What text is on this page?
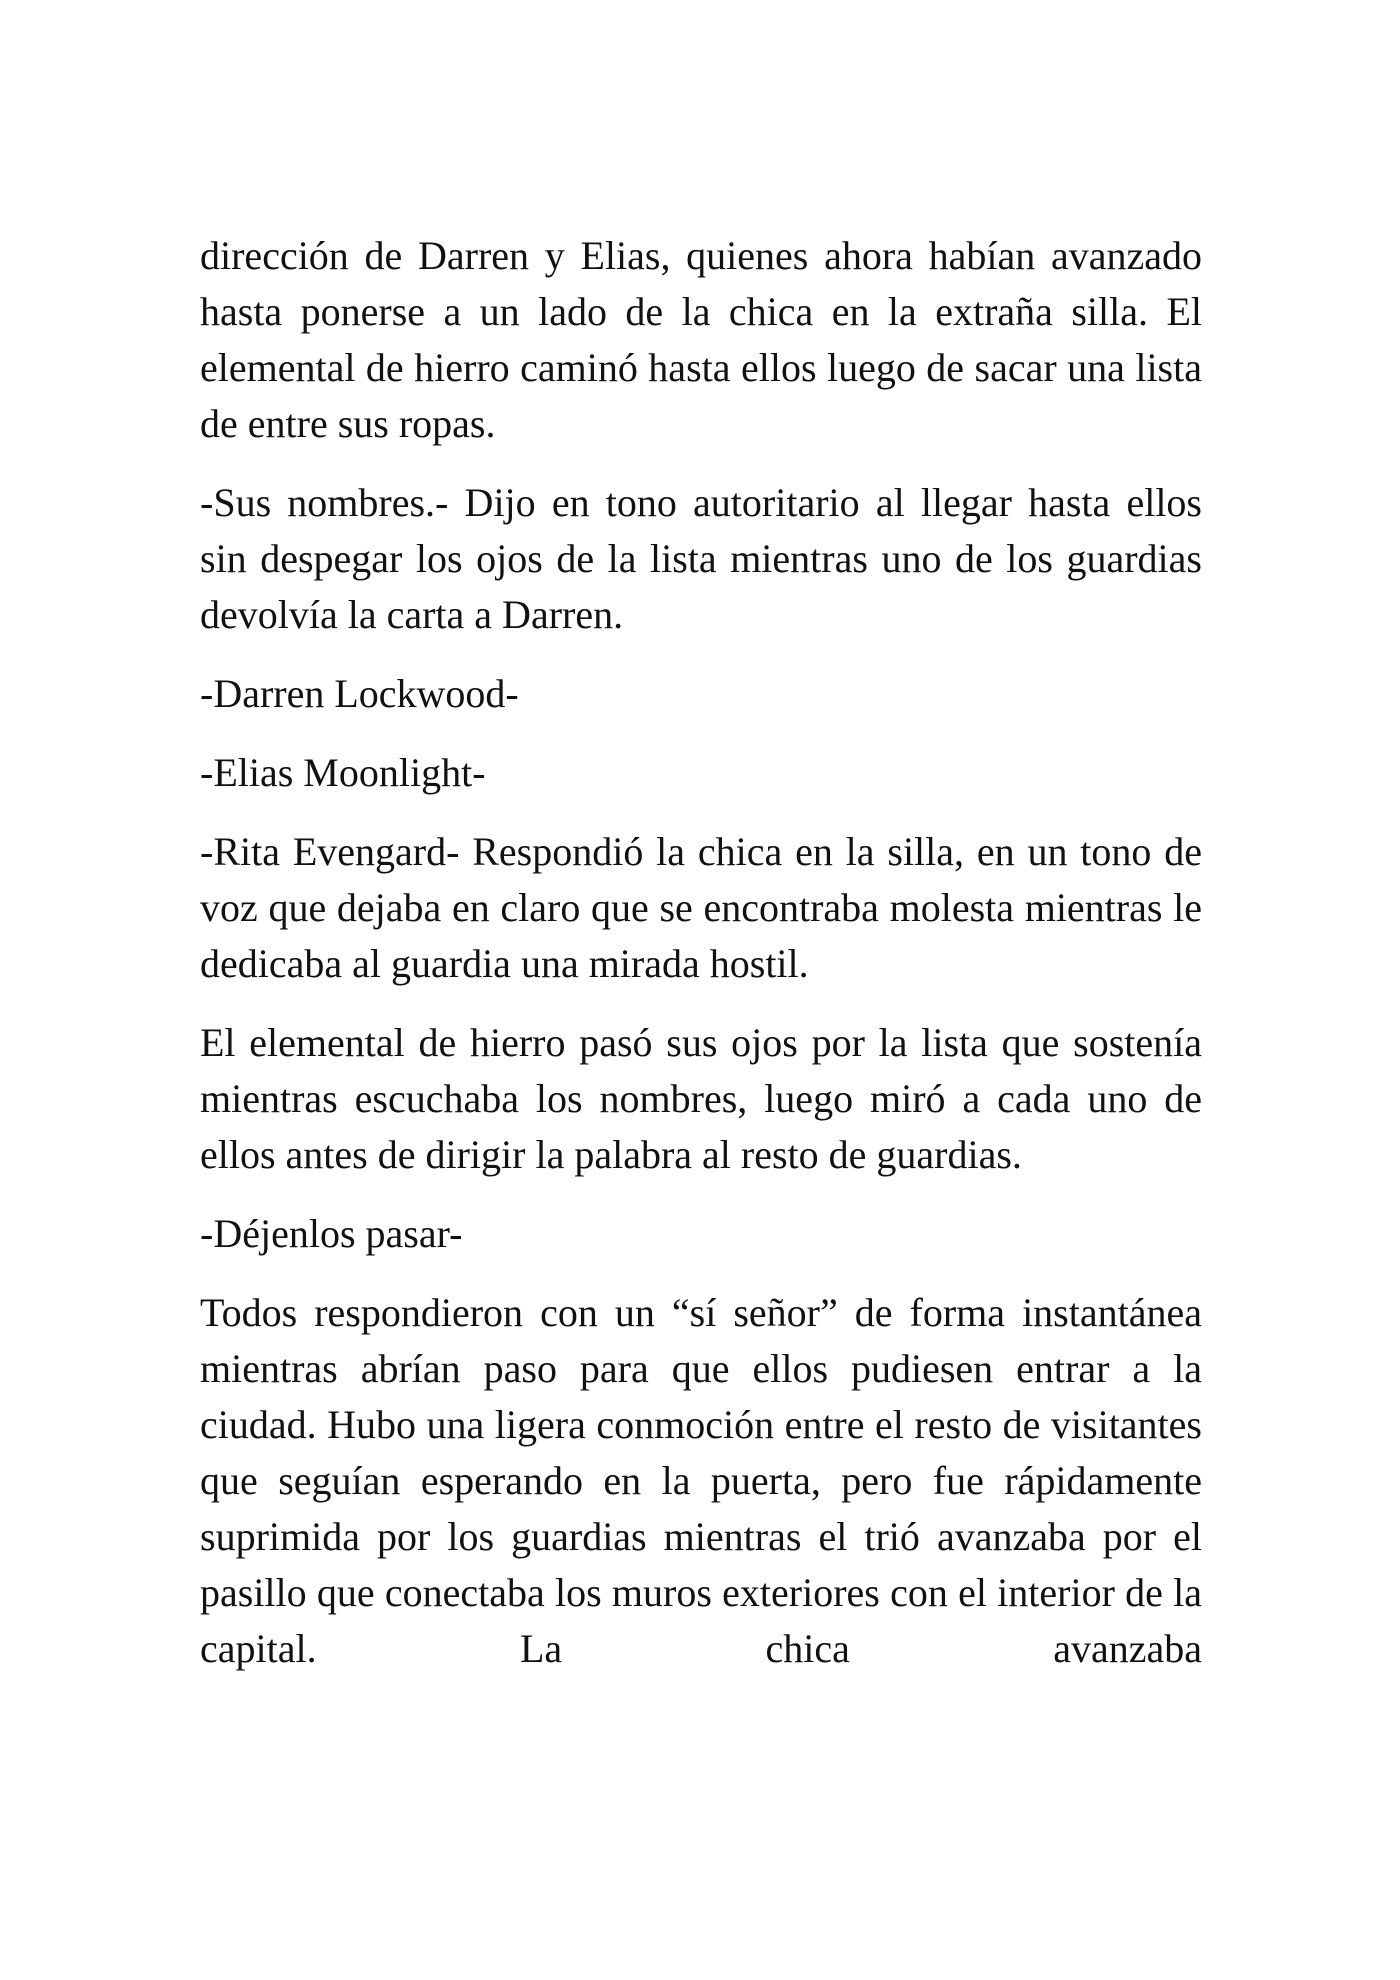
dirección de Darren y Elias, quienes ahora habían avanzado hasta ponerse a un lado de la chica en la extraña silla. El elemental de hierro caminó hasta ellos luego de sacar una lista de entre sus ropas.

-Sus nombres.- Dijo en tono autoritario al llegar hasta ellos sin despegar los ojos de la lista mientras uno de los guardias devolvía la carta a Darren.

-Darren Lockwood-

-Elias Moonlight-

-Rita Evengard- Respondió la chica en la silla, en un tono de voz que dejaba en claro que se encontraba molesta mientras le dedicaba al guardia una mirada hostil.

El elemental de hierro pasó sus ojos por la lista que sostenía mientras escuchaba los nombres, luego miró a cada uno de ellos antes de dirigir la palabra al resto de guardias.

-Déjenlos pasar-

Todos respondieron con un “sí señor” de forma instantánea mientras abrían paso para que ellos pudiesen entrar a la ciudad. Hubo una ligera conmoción entre el resto de visitantes que seguían esperando en la puerta, pero fue rápidamente suprimida por los guardias mientras el trió avanzaba por el pasillo que conectaba los muros exteriores con el interior de la capital. La chica avanzaba
